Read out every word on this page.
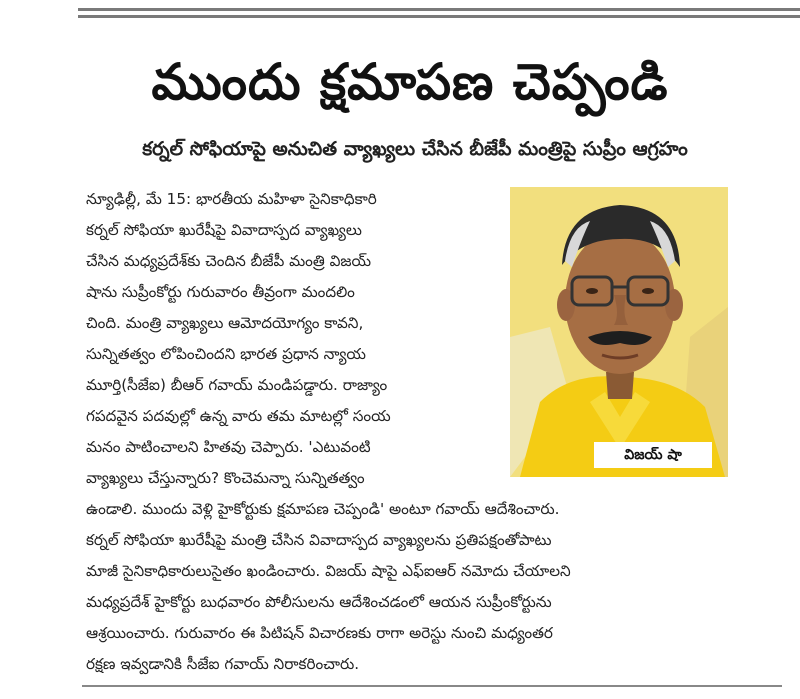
ముందు క్షమాపణ చెప్పండి
కర్నల్ సోఫియాపై అనుచిత వ్యాఖ్యలు చేసిన బీజేపీ మంత్రిపై సుప్రీం ఆగ్రహం
విజయ్ షా
న్యూఢిల్లీ, మే 15: భారతీయ మహిళా సైనికాధికారి
కర్నల్ సోఫియా ఖురేషీపై వివాదాస్పద వ్యాఖ్యలు
చేసిన మధ్యప్రదేశ్‌కు చెందిన బీజేపీ మంత్రి విజయ్
షాను సుప్రీంకోర్టు గురువారం తీవ్రంగా మందలిం
చింది. మంత్రి వ్యాఖ్యలు ఆమోదయోగ్యం కావని,
సున్నితత్వం లోపించిందని భారత ప్రధాన న్యాయ
మూర్తి(సీజేఐ) బీఆర్ గవాయ్ మండిపడ్డారు. రాజ్యాం
గపదవైన పదవుల్లో ఉన్న వారు తమ మాటల్లో సంయ
మనం పాటించాలని హితవు చెప్పారు. 'ఎటువంటి
వ్యాఖ్యలు చేస్తున్నారు? కొంచెమన్నా సున్నితత్వం
ఉండాలి. ముందు వెళ్లి హైకోర్టుకు క్షమాపణ చెప్పండి' అంటూ గవాయ్ ఆదేశించారు.
కర్నల్ సోఫియా ఖురేషీపై మంత్రి చేసిన వివాదాస్పద వ్యాఖ్యలను ప్రతిపక్షంతోపాటు
మాజీ సైనికాధికారులుసైతం ఖండించారు. విజయ్ షాపై ఎఫ్ఐఆర్ నమోదు చేయాలని
మధ్యప్రదేశ్ హైకోర్టు బుధవారం పోలీసులను ఆదేశించడంలో ఆయన సుప్రీంకోర్టును
ఆశ్రయించారు. గురువారం ఈ పిటిషన్ విచారణకు రాగా అరెస్టు నుంచి మధ్యంతర
రక్షణ ఇవ్వడానికి సీజేఐ గవాయ్ నిరాకరించారు.
